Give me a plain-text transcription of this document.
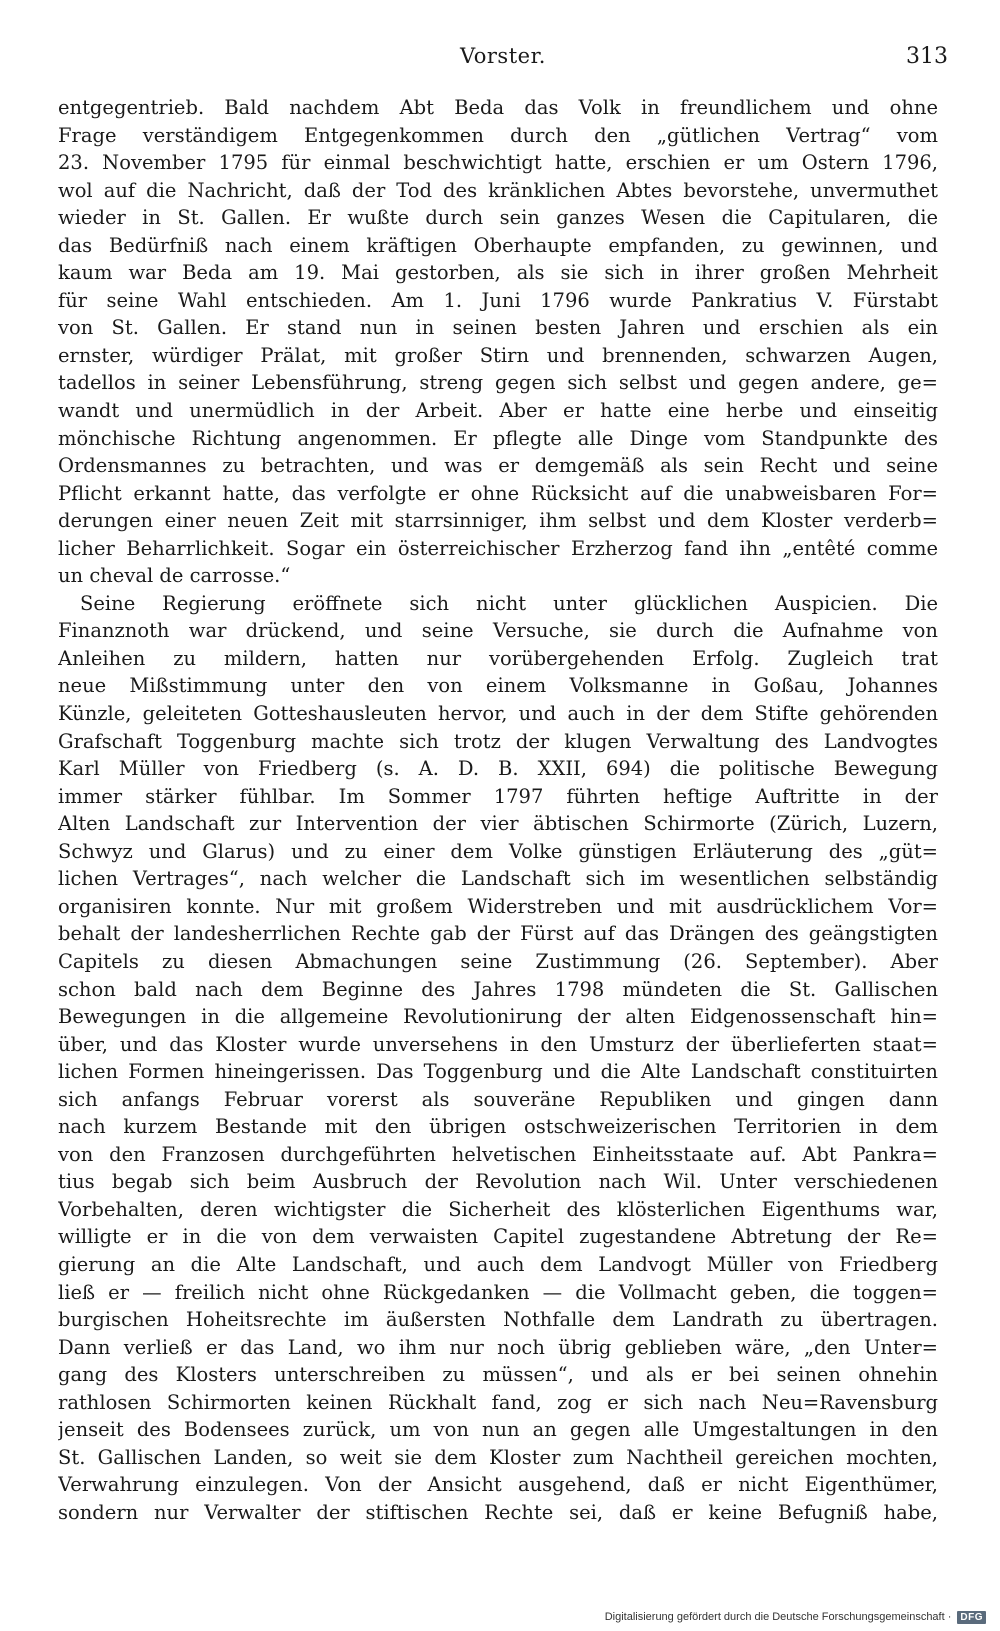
Vorster.	313
entgegentrieb. Bald nachdem Abt Beda das Volk in freundlichem und ohne
Frage verständigem Entgegenkommen durch den „gütlichen Vertrag“ vom
23. November 1795 für einmal beschwichtigt hatte, erschien er um Ostern 1796,
wol auf die Nachricht, daß der Tod des kränklichen Abtes bevorstehe, unvermuthet
wieder in St. Gallen. Er wußte durch sein ganzes Wesen die Capitularen, die
das Bedürfniß nach einem kräftigen Oberhaupte empfanden, zu gewinnen, und
kaum war Beda am 19. Mai gestorben, als sie sich in ihrer großen Mehrheit
für seine Wahl entschieden. Am 1. Juni 1796 wurde Pankratius V. Fürstabt
von St. Gallen. Er stand nun in seinen besten Jahren und erschien als ein
ernster, würdiger Prälat, mit großer Stirn und brennenden, schwarzen Augen,
tadellos in seiner Lebensführung, streng gegen sich selbst und gegen andere, ge=
wandt und unermüdlich in der Arbeit. Aber er hatte eine herbe und einseitig
mönchische Richtung angenommen. Er pflegte alle Dinge vom Standpunkte des
Ordensmannes zu betrachten, und was er demgemäß als sein Recht und seine
Pflicht erkannt hatte, das verfolgte er ohne Rücksicht auf die unabweisbaren For=
derungen einer neuen Zeit mit starrsinniger, ihm selbst und dem Kloster verderb=
licher Beharrlichkeit. Sogar ein österreichischer Erzherzog fand ihn „entêté comme
un cheval de carrosse.“
Seine Regierung eröffnete sich nicht unter glücklichen Auspicien. Die
Finanznoth war drückend, und seine Versuche, sie durch die Aufnahme von
Anleihen zu mildern, hatten nur vorübergehenden Erfolg. Zugleich trat
neue Mißstimmung unter den von einem Volksmanne in Goßau, Johannes
Künzle, geleiteten Gotteshausleuten hervor, und auch in der dem Stifte gehörenden
Grafschaft Toggenburg machte sich trotz der klugen Verwaltung des Landvogtes
Karl Müller von Friedberg (s. A. D. B. XXII, 694) die politische Bewegung
immer stärker fühlbar. Im Sommer 1797 führten heftige Auftritte in der
Alten Landschaft zur Intervention der vier äbtischen Schirmorte (Zürich, Luzern,
Schwyz und Glarus) und zu einer dem Volke günstigen Erläuterung des „güt=
lichen Vertrages“, nach welcher die Landschaft sich im wesentlichen selbständig
organisiren konnte. Nur mit großem Widerstreben und mit ausdrücklichem Vor=
behalt der landesherrlichen Rechte gab der Fürst auf das Drängen des geängstigten
Capitels zu diesen Abmachungen seine Zustimmung (26. September). Aber
schon bald nach dem Beginne des Jahres 1798 mündeten die St. Gallischen
Bewegungen in die allgemeine Revolutionirung der alten Eidgenossenschaft hin=
über, und das Kloster wurde unversehens in den Umsturz der überlieferten staat=
lichen Formen hineingerissen. Das Toggenburg und die Alte Landschaft constituirten
sich anfangs Februar vorerst als souveräne Republiken und gingen dann
nach kurzem Bestande mit den übrigen ostschweizerischen Territorien in dem
von den Franzosen durchgeführten helvetischen Einheitsstaate auf. Abt Pankra=
tius begab sich beim Ausbruch der Revolution nach Wil. Unter verschiedenen
Vorbehalten, deren wichtigster die Sicherheit des klösterlichen Eigenthums war,
willigte er in die von dem verwaisten Capitel zugestandene Abtretung der Re=
gierung an die Alte Landschaft, und auch dem Landvogt Müller von Friedberg
ließ er — freilich nicht ohne Rückgedanken — die Vollmacht geben, die toggen=
burgischen Hoheitsrechte im äußersten Nothfalle dem Landrath zu übertragen.
Dann verließ er das Land, wo ihm nur noch übrig geblieben wäre, „den Unter=
gang des Klosters unterschreiben zu müssen“, und als er bei seinen ohnehin
rathlosen Schirmorten keinen Rückhalt fand, zog er sich nach Neu=Ravensburg
jenseit des Bodensees zurück, um von nun an gegen alle Umgestaltungen in den
St. Gallischen Landen, so weit sie dem Kloster zum Nachtheil gereichen mochten,
Verwahrung einzulegen. Von der Ansicht ausgehend, daß er nicht Eigenthümer,
sondern nur Verwalter der stiftischen Rechte sei, daß er keine Befugniß habe,
Digitalisierung gefördert durch die Deutsche Forschungsgemeinschaft · DFG
